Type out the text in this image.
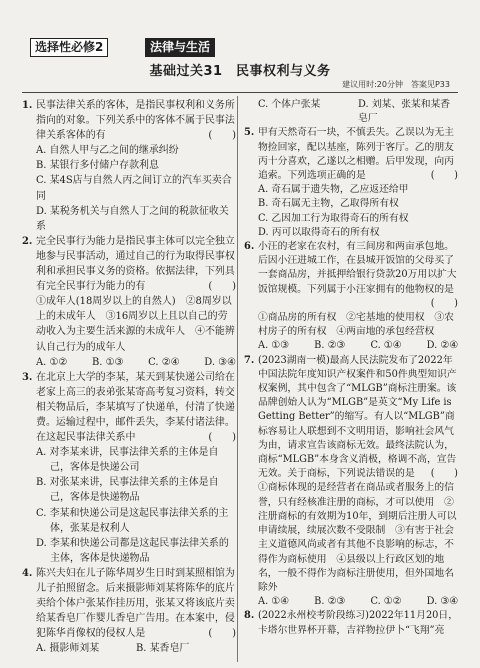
选择性必修2	法律与生活
基础过关31　民事权利与义务
建议用时:20分钟　答案见P33
1. 民事法律关系的客体，是指民事权利和义务所指向的对象。下列关系中的客体不属于民事法律关系客体的有	(　　)
A. 自然人甲与乙之间的继承纠纷
B. 某银行多付储户存款利息
C. 某4S店与自然人丙之间订立的汽车买卖合同
D. 某税务机关与自然人丁之间的税款征收关系
2. 完全民事行为能力是指民事主体可以完全独立地参与民事活动，通过自己的行为取得民事权利和承担民事义务的资格。依据法律，下列具有完全民事行为能力的有	(　　)
①成年人(18周岁以上的自然人)　②8周岁以上的未成年人　③16周岁以上且以自己的劳动收入为主要生活来源的未成年人　④不能辨认自己行为的成年人
A. ①② B. ①③ C. ②④ D. ③④
3. 在北京上大学的李某，某天到某快递公司给在老家上高三的表弟张某寄高考复习资料，转交相关物品后，李某填写了快递单，付清了快递费。运输过程中，邮件丢失，李某付诸法律。在这起民事法律关系中	(　　)
A. 对李某来讲，民事法律关系的主体是自己，客体是快递公司
B. 对张某来讲，民事法律关系的主体是自己，客体是快递物品
C. 李某和快递公司是这起民事法律关系的主体，张某是权利人
D. 李某和快递公司都是这起民事法律关系的主体，客体是快递物品
4. 陈兴夫妇在儿子陈华周岁生日时到某照相馆为儿子拍照留念。后来摄影师刘某将陈华的底片卖给个体户张某作挂历用，张某又将该底片卖给某香皂厂作婴儿香皂广告用。在本案中，侵犯陈华肖像权的侵权人是	(　　)
A. 摄影师刘某	B. 某香皂厂
C. 个体户张某	D. 刘某、张某和某香皂厂
5. 甲有天然奇石一块，不慎丢失。乙误以为无主物捡回家，配以基座，陈列于客厅。乙的朋友丙十分喜欢，乙遂以之相赠。后甲发现，向丙追索。下列选项正确的是	(　　)
A. 奇石属于遗失物，乙应返还给甲
B. 奇石属无主物，乙取得所有权
C. 乙因加工行为取得奇石的所有权
D. 丙可以取得奇石的所有权
6. 小汪的老家在农村，有三间房和两亩承包地。后因小汪进城工作，在县城开饭馆的父母买了一套商品房，并抵押给银行贷款20万用以扩大饭馆规模。下列属于小汪家拥有的他物权的是
(　　)
①商品房的所有权　②宅基地的使用权　③农村房子的所有权　④两亩地的承包经营权
A. ①③	B. ②③	C. ①④	D. ②④
7. (2023湖南一模)最高人民法院发布了2022年中国法院年度知识产权案件和50件典型知识产权案例，其中包含了“MLGB”商标注册案。该品牌创始人认为“MLGB”是英文“My Life is Getting Better”的缩写。有人以“MLGB”商标容易让人联想到不文明用语，影响社会风气为由，请求宣告该商标无效。最终法院认为，商标“MLGB”本身含义消极，格调不高，宣告无效。关于商标，下列说法错误的是 (　　)
①商标体现的是经营者在商品或者服务上的信誉，只有经核准注册的商标，才可以使用　②注册商标的有效期为10年，到期后注册人可以申请续展，续展次数不受限制　③有害于社会主义道德风尚或者有其他不良影响的标志，不得作为商标使用　④县级以上行政区划的地名，一般不得作为商标注册使用，但外国地名除外
A. ①④	B. ②③	C. ①②	D. ③④
8. (2022永州校考阶段练习)2022年11月20日，卡塔尔世界杯开幕，吉祥物拉伊卜“飞翔”亮
